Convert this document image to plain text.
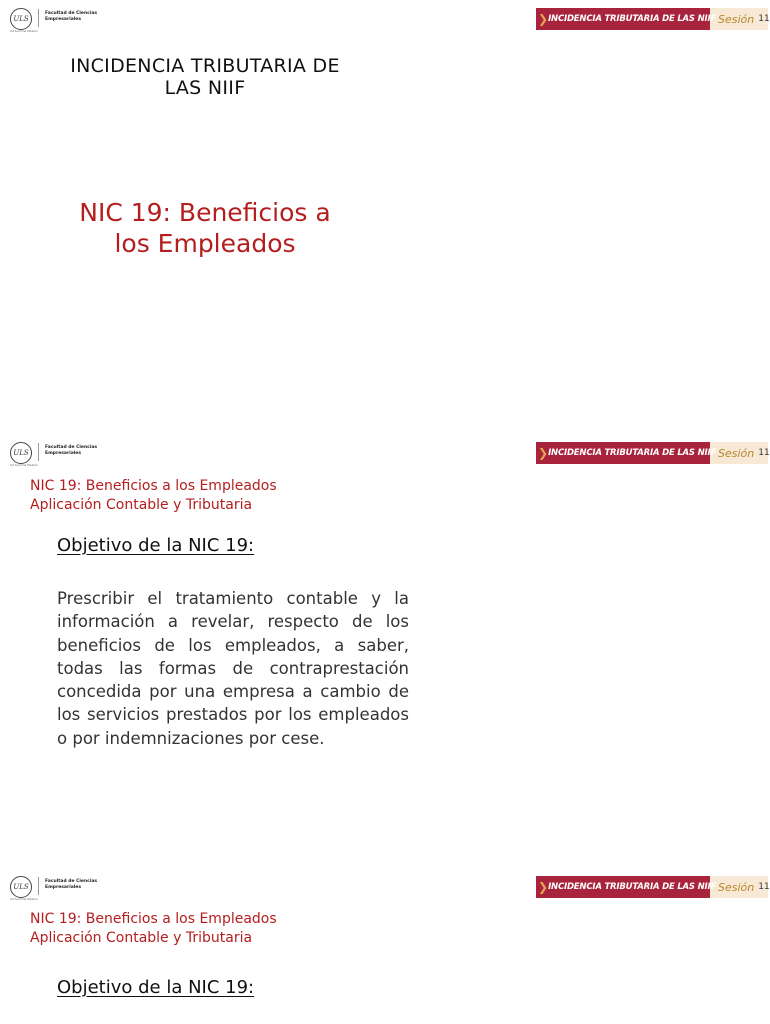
ULS
Facultad de Ciencias
Empresariales
Ad Summa Metam
❯ INCIDENCIA TRIBUTARIA DE LAS NIIF Sesión 11
INCIDENCIA TRIBUTARIA DE
LAS NIIF
NIC 19: Beneficios a
los Empleados
ULS
Facultad de Ciencias
Empresariales
Ad Summa Metam
❯ INCIDENCIA TRIBUTARIA DE LAS NIIF Sesión 11
NIC 19: Beneficios a los Empleados
Aplicación Contable y Tributaria
Objetivo de la NIC 19:
Prescribir el tratamiento contable y la información a revelar, respecto de los beneficios de los empleados, a saber, todas las formas de contraprestación concedida por una empresa a cambio de los servicios prestados por los empleados o por indemnizaciones por cese.
ULS
Facultad de Ciencias
Empresariales
Ad Summa Metam
❯ INCIDENCIA TRIBUTARIA DE LAS NIIF Sesión 11
NIC 19: Beneficios a los Empleados
Aplicación Contable y Tributaria
Objetivo de la NIC 19:
